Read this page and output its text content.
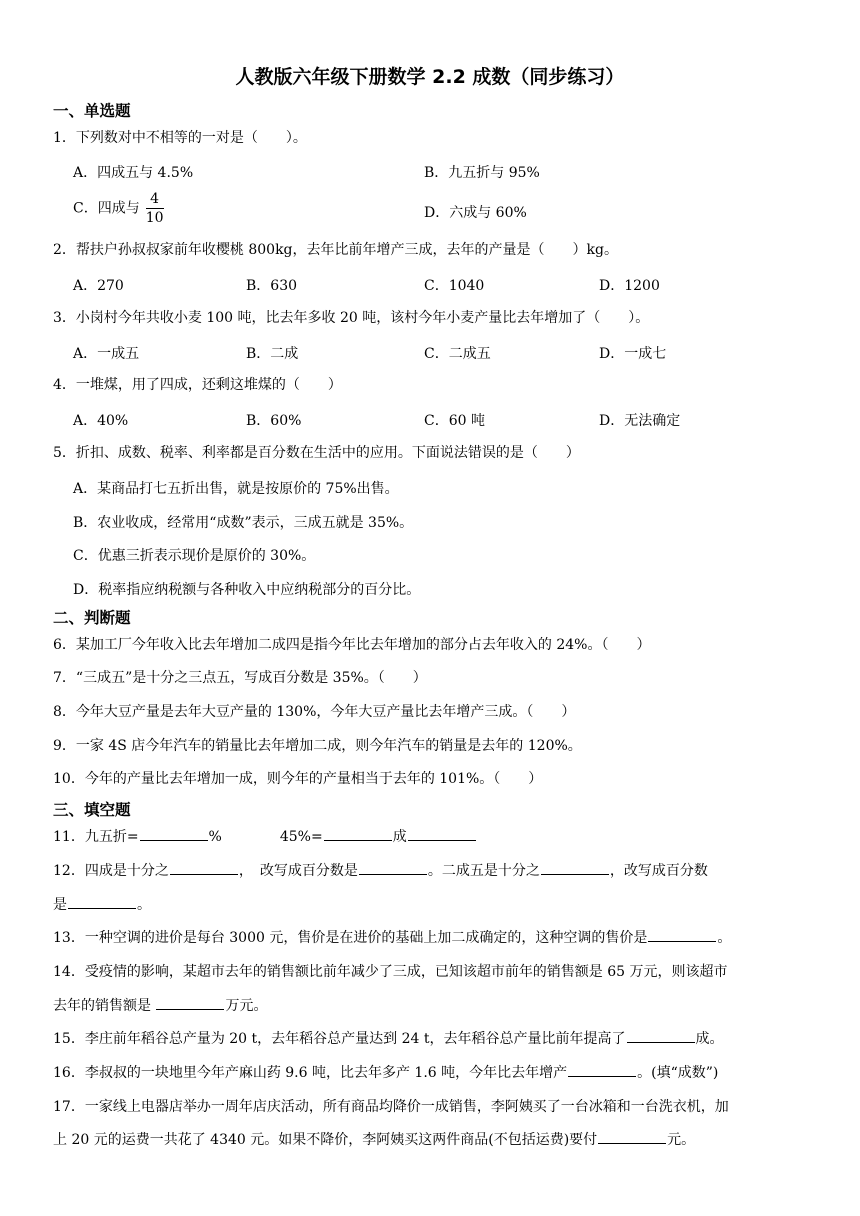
人教版六年级下册数学 2.2 成数（同步练习）
一、单选题
1．下列数对中不相等的一对是（　　）。
A．四成五与 4.5%	B．九五折与 95%
C．四成与 $\frac{4}{10}$	D．六成与 60%
2．帮扶户孙叔叔家前年收樱桃 800kg，去年比前年增产三成，去年的产量是（　　）kg。
A．270	B．630	C．1040	D．1200
3．小岗村今年共收小麦 100 吨，比去年多收 20 吨，该村今年小麦产量比去年增加了（　　）。
A．一成五	B．二成	C．二成五	D．一成七
4．一堆煤，用了四成，还剩这堆煤的（　　）
A．40%	B．60%	C．60 吨	D．无法确定
5．折扣、成数、税率、利率都是百分数在生活中的应用。下面说法错误的是（　　）
A．某商品打七五折出售，就是按原价的 75%出售。
B．农业收成，经常用“成数”表示，三成五就是 35%。
C．优惠三折表示现价是原价的 30%。
D．税率指应纳税额与各种收入中应纳税部分的百分比。
二、判断题
6．某加工厂今年收入比去年增加二成四是指今年比去年增加的部分占去年收入的 24%。（　　）
7．“三成五”是十分之三点五，写成百分数是 35%。（　　）
8．今年大豆产量是去年大豆产量的 130%，今年大豆产量比去年增产三成。（　　）
9．一家 4S 店今年汽车的销量比去年增加二成，则今年汽车的销量是去年的 120%。
10．今年的产量比去年增加一成，则今年的产量相当于去年的 101%。（　　）
三、填空题
11．九五折=	%	45%=	成
12．四成是十分之	，　改写成百分数是	。二成五是十分之	，改写成百分数
是	。
13．一种空调的进价是每台 3000 元，售价是在进价的基础上加二成确定的，这种空调的售价是	。
14．受疫情的影响，某超市去年的销售额比前年减少了三成，已知该超市前年的销售额是 65 万元，则该超市
去年的销售额是	万元。
15．李庄前年稻谷总产量为 20 t，去年稻谷总产量达到 24 t，去年稻谷总产量比前年提高了	成。
16．李叔叔的一块地里今年产麻山药 9.6 吨，比去年多产 1.6 吨，今年比去年增产	。(填“成数”)
17．一家线上电器店举办一周年店庆活动，所有商品均降价一成销售，李阿姨买了一台冰箱和一台洗衣机，加
上 20 元的运费一共花了 4340 元。如果不降价，李阿姨买这两件商品(不包括运费)要付	元。
